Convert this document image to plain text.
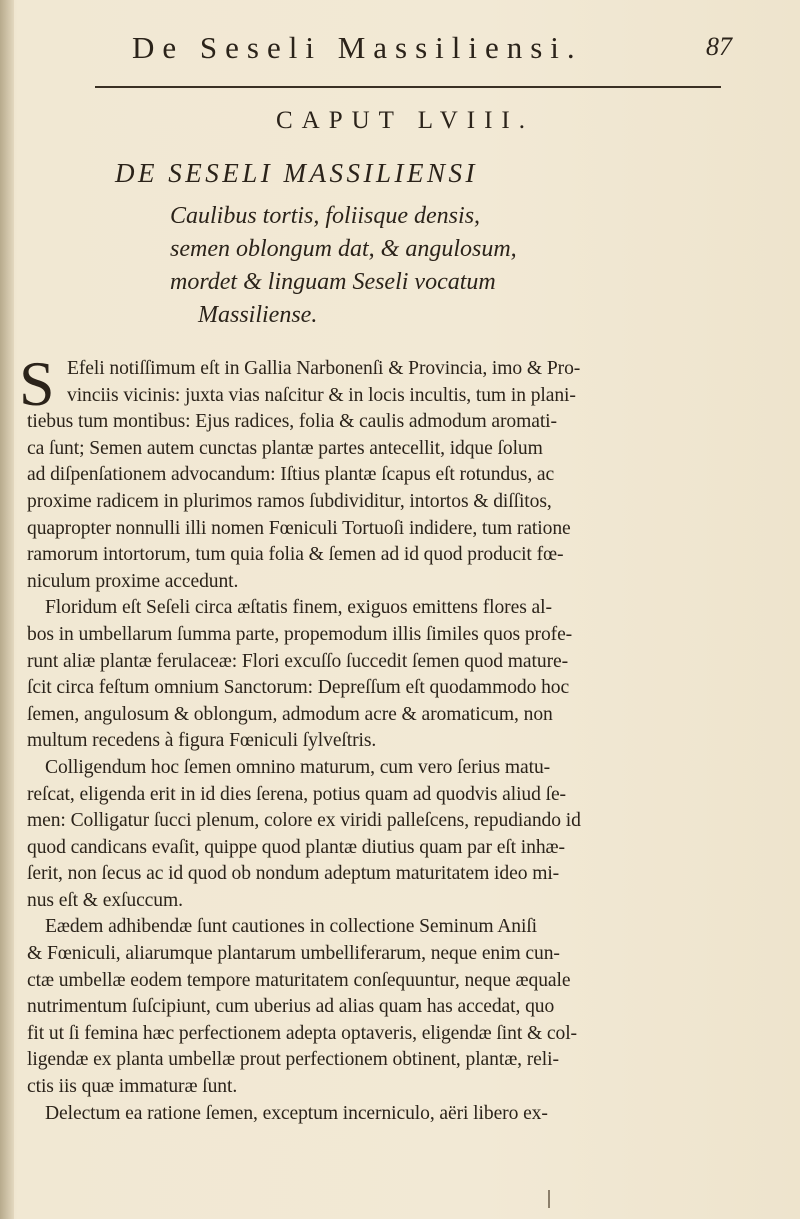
De Seseli Massiliensi.	87
CAPUT LVIII.
DE SESELI MASSILIENSI
Caulibus tortis, foliisque densis,
semen oblongum dat, & angulosum,
mordet & linguam Seseli vocatum
Massiliense.
S Efeli notiſſimum eſt in Gallia Narbonenſi & Provincia, imo & Pro-
vinciis vicinis: juxta vias naſcitur & in locis incultis, tum in plani-
tiebus tum montibus: Ejus radices, folia & caulis admodum aromati-
ca ſunt; Semen autem cunctas plantæ partes antecellit, idque ſolum
ad diſpenſationem advocandum: Iſtius plantæ ſcapus eſt rotundus, ac
proxime radicem in plurimos ramos ſubdividitur, intortos & diſſitos,
quapropter nonnulli illi nomen Fœniculi Tortuoſi indidere, tum ratione
ramorum intortorum, tum quia folia & ſemen ad id quod producit fœ-
niculum proxime accedunt.
Floridum eſt Seſeli circa æſtatis finem, exiguos emittens flores al-
bos in umbellarum ſumma parte, propemodum illis ſimiles quos profe-
runt aliæ plantæ ferulaceæ: Flori excuſſo ſuccedit ſemen quod mature-
ſcit circa feſtum omnium Sanctorum: Depreſſum eſt quodammodo hoc
ſemen, angulosum & oblongum, admodum acre & aromaticum, non
multum recedens à figura Fœniculi ſylveſtris.
Colligendum hoc ſemen omnino maturum, cum vero ſerius matu-
reſcat, eligenda erit in id dies ſerena, potius quam ad quodvis aliud ſe-
men: Colligatur ſucci plenum, colore ex viridi palleſcens, repudiando id
quod candicans evaſit, quippe quod plantæ diutius quam par eſt inhæ-
ſerit, non ſecus ac id quod ob nondum adeptum maturitatem ideo mi-
nus eſt & exſuccum.
Eædem adhibendæ ſunt cautiones in collectione Seminum Aniſi
& Fœniculi, aliarumque plantarum umbelliferarum, neque enim cun-
ctæ umbellæ eodem tempore maturitatem conſequuntur, neque æquale
nutrimentum ſuſcipiunt, cum uberius ad alias quam has accedat, quo
fit ut ſi femina hæc perfectionem adepta optaveris, eligendæ ſint & col-
ligendæ ex planta umbellæ prout perfectionem obtinent, plantæ, reli-
ctis iis quæ immaturæ ſunt.
Delectum ea ratione ſemen, exceptum incerniculo, aëri libero ex-
